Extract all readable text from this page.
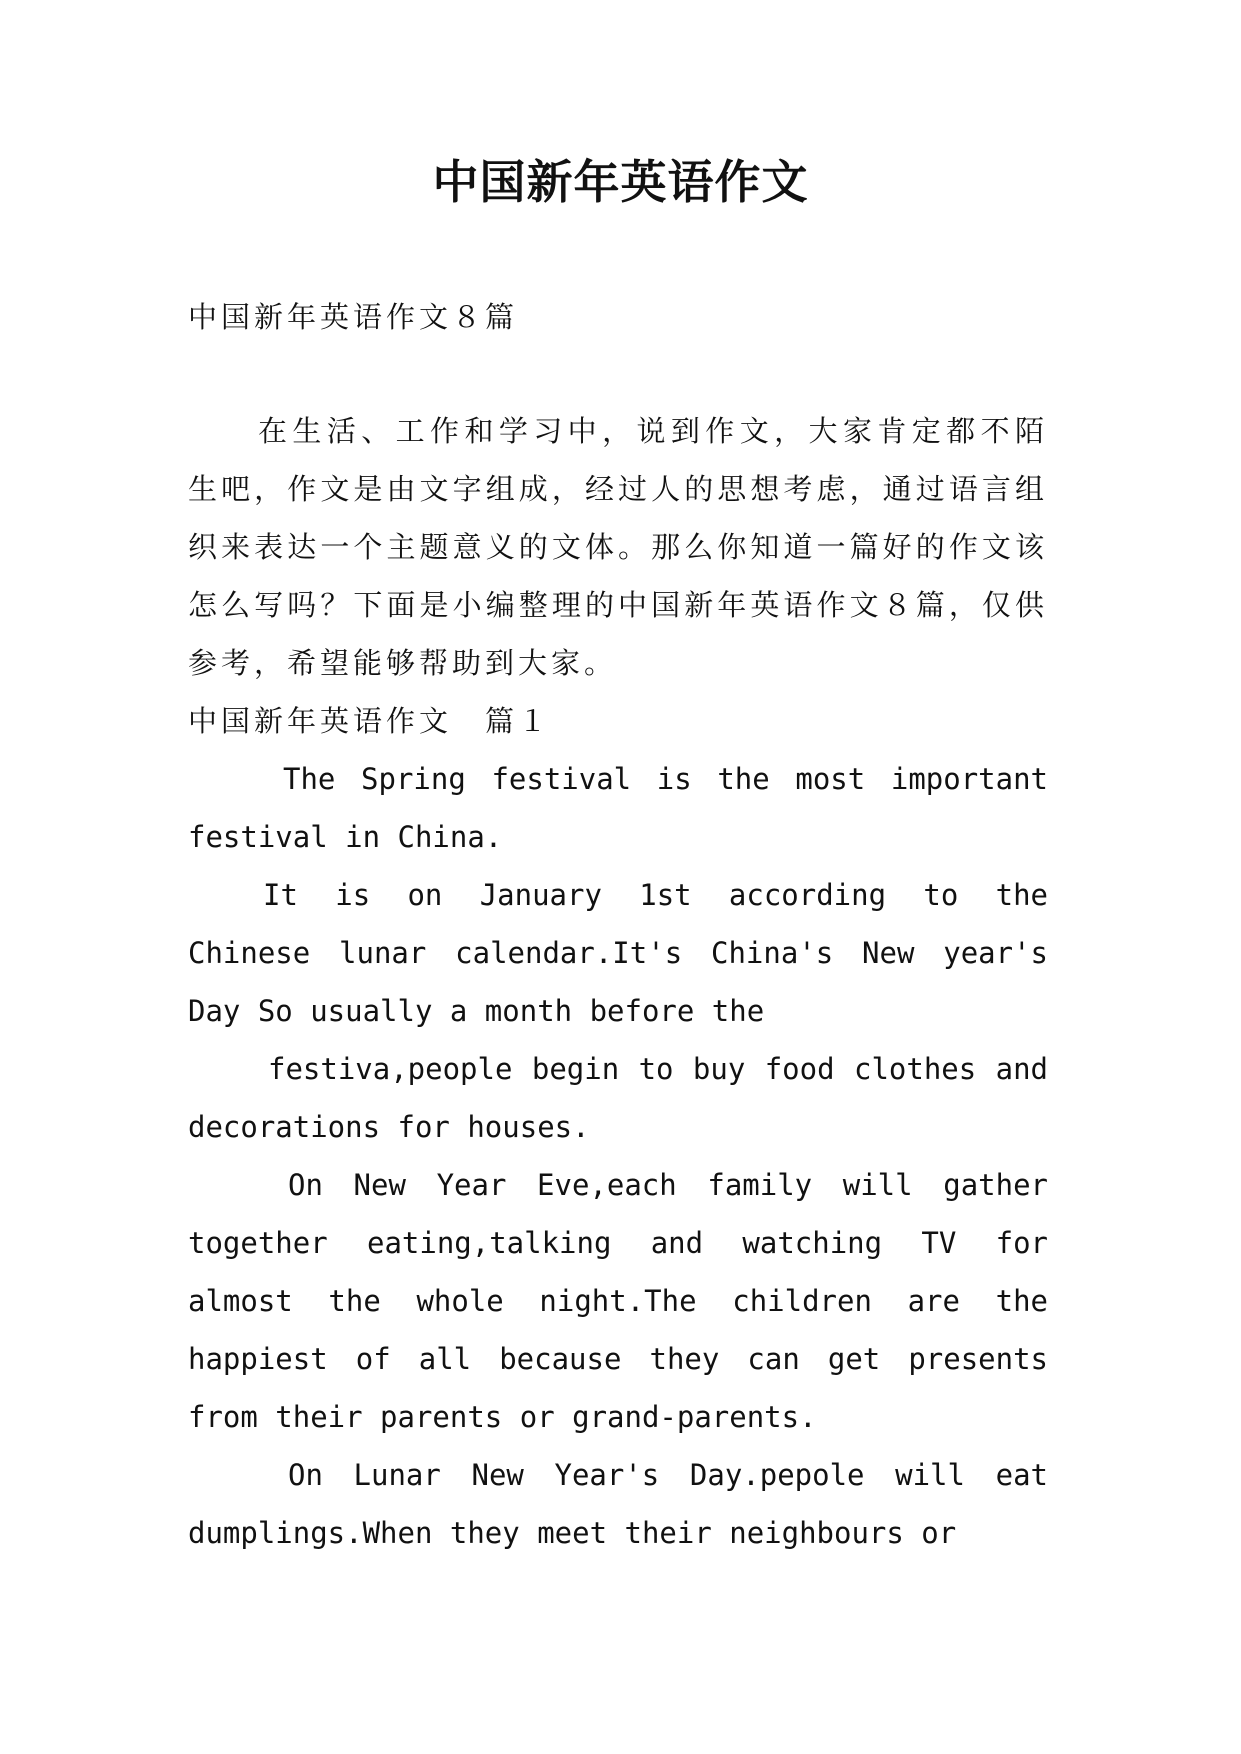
中国新年英语作文
中国新年英语作文８篇
在生活、工作和学习中，说到作文，大家肯定都不陌生吧，作文是由文字组成，经过人的思想考虑，通过语言组织来表达一个主题意义的文体。那么你知道一篇好的作文该怎么写吗？下面是小编整理的中国新年英语作文８篇，仅供参考，希望能够帮助到大家。
中国新年英语作文　篇１
The Spring festival is the most important festival in China.
It is on January 1st according to the Chinese lunar calendar.It's China's New year's Day So usually a month before the
festiva,people begin to buy food clothes and decorations for houses.
On New Year Eve,each family will gather together eating,talking and watching TV for almost the whole night.The children are the happiest of all because they can get presents from their parents or grand-parents.
On Lunar New Year's Day.pepole will eat dumplings.When they meet their neighbours or
